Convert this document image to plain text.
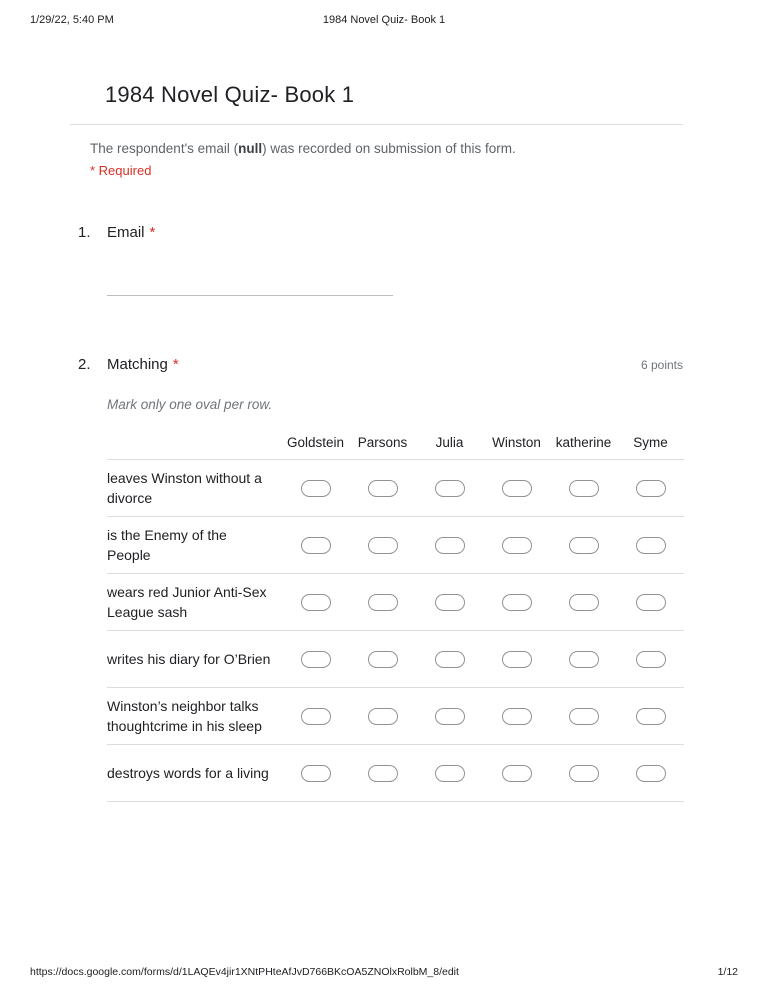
1/29/22, 5:40 PM	1984 Novel Quiz- Book 1
1984 Novel Quiz- Book 1

The respondent's email (null) was recorded on submission of this form.

* Required

1.	Email *
2.	Matching *	6 points

Mark only one oval per row.

Goldstein	Parsons	Julia	Winston	katherine	Syme
leaves Winston without a divorce
is the Enemy of the People
wears red Junior Anti-Sex League sash
writes his diary for O’Brien
Winston’s neighbor talks thoughtcrime in his sleep
destroys words for a living
https://docs.google.com/forms/d/1LAQEv4jir1XNtPHteAfJvD766BKcOA5ZNOlxRolbM_8/edit	1/12
